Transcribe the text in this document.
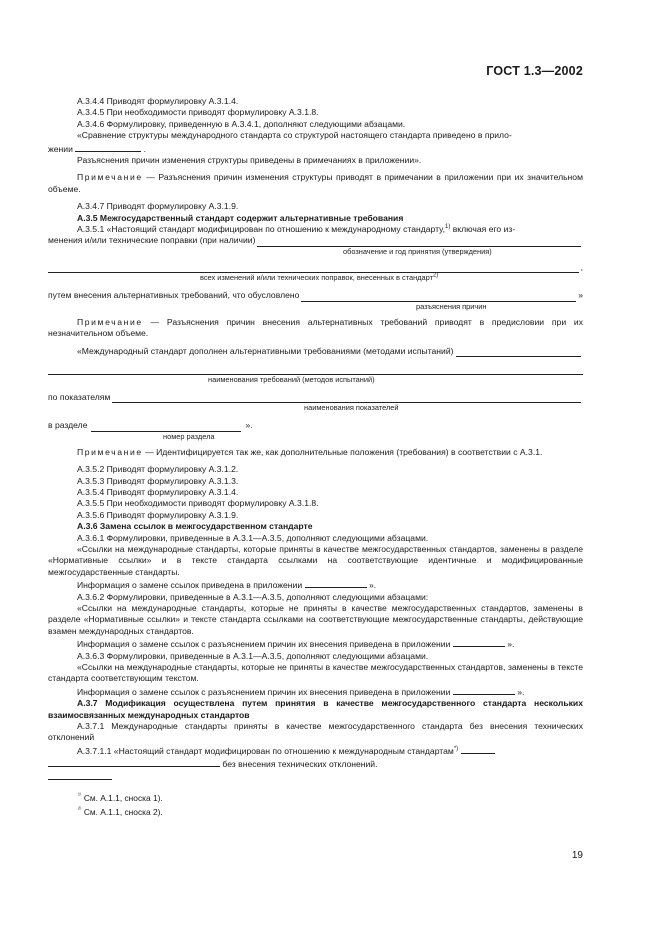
ГОСТ 1.3—2002

А.3.4.4 Приводят формулировку А.3.1.4.

А.3.4.5 При необходимости приводят формулировку А.3.1.8.

А.3.4.6 Формулировку, приведенную в А.3.4.1, дополняют следующими абзацами.

«Сравнение структуры международного стандарта со структурой настоящего стандарта приведено в прило-

жении	.

Разъяснения причин изменения структуры приведены в примечаниях в приложении».

Примечание — Разъяснения причин изменения структуры приводят в примечании в приложении при их значительном объеме.

А.3.4.7 Приводят формулировку А.3.1.9.

А.3.5 Межгосударственный стандарт содержит альтернативные требования

А.3.5.1 «Настоящий стандарт модифицирован по отношению к международному стандарту,$^{1)}$ включая его из-

менения и/или технические поправки (при наличии)
обозначение и год принятия (утверждения)
,
всех изменений и/или технических поправок, внесенных в стандарт$^{2)}$
путем внесения альтернативных требований, что обусловлено	»
разъяснения причин

Примечание — Разъяснения причин внесения альтернативных требований приводят в предисловии при их незначительном объеме.

«Международный стандарт дополнен альтернативными требованиями (методами испытаний)
наименования требований (методов испытаний)
по показателям
наименования показателей
в разделе	».
номер раздела

Примечание — Идентифицируется так же, как дополнительные положения (требования) в соответствии с А.3.1.

А.3.5.2 Приводят формулировку А.3.1.2.

А.3.5.3 Приводят формулировку А.3.1.3.

А.3.5.4 Приводят формулировку А.3.1.4.

А.3.5.5 При необходимости приводят формулировку А.3.1.8.

А.3.5.6 Приводят формулировку А.3.1.9.

А.3.6 Замена ссылок в межгосударственном стандарте

А.3.6.1 Формулировки, приведенные в А.3.1—А.3.5, дополняют следующими абзацами.

«Ссылки на международные стандарты, которые приняты в качестве межгосударственных стандартов, заменены в разделе «Нормативные ссылки» и в тексте стандарта ссылками на соответствующие идентичные и модифицированные межгосударственные стандарты.

Информация о замене ссылок приведена в приложении	».

А.3.6.2 Формулировки, приведенные в А.3.1—А.3.5, дополняют следующими абзацами:

«Ссылки на международные стандарты, которые не приняты в качестве межгосударственных стандартов, заменены в разделе «Нормативные ссылки» и тексте стандарта ссылками на соответствующие межгосударственные стандарты, действующие взамен международных стандартов.

Информация о замене ссылок с разъяснением причин их внесения приведена в приложении	».

А.3.6.3 Формулировки, приведенные в А.3.1—А.3.5, дополняют следующими абзацами.

«Ссылки на международные стандарты, которые не приняты в качестве межгосударственных стандартов, заменены в тексте стандарта соответствующим текстом.

Информация о замене ссылок с разъяснением причин их внесения приведена в приложении	».

А.3.7 Модификация осуществлена путем принятия в качестве межгосударственного стандарта нескольких взаимосвязанных международных стандартов

А.3.7.1 Международные стандарты приняты в качестве межгосударственного стандарта без внесения технических отклонений

А.3.7.1.1 «Настоящий стандарт модифицирован по отношению к международным стандартам*)

без внесения технических отклонений.

$^{^{1)}}$ См. А.1.1, сноска 1).
$^{^{2)}}$ См. А.1.1, сноска 2).
19
